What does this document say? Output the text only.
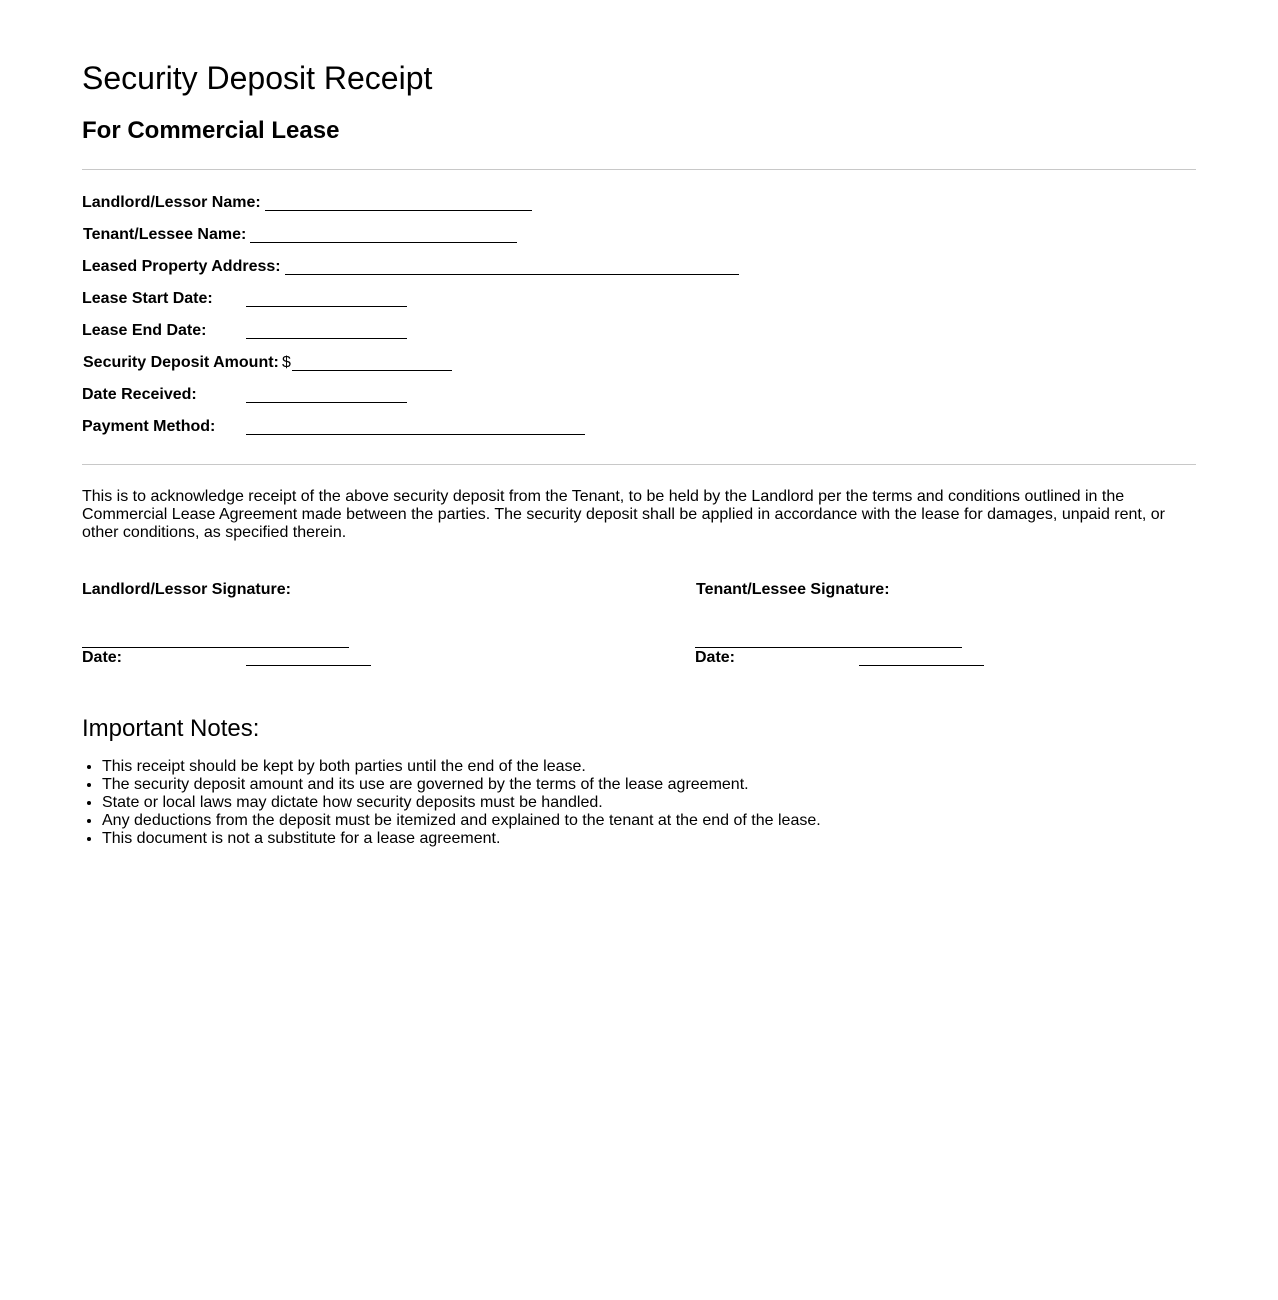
Security Deposit Receipt
For Commercial Lease
Landlord/Lessor Name:
Tenant/Lessee Name:
Leased Property Address:
Lease Start Date:
Lease End Date:
Security Deposit Amount: $
Date Received:
Payment Method:

This is to acknowledge receipt of the above security deposit from the Tenant, to be held by the Landlord per the terms and conditions outlined in the Commercial Lease Agreement made between the parties. The security deposit shall be applied in accordance with the lease for damages, unpaid rent, or other conditions, as specified therein.

Landlord/Lessor Signature:
Date:
Tenant/Lessee Signature:
Date:
Important Notes:
• This receipt should be kept by both parties until the end of the lease.
• The security deposit amount and its use are governed by the terms of the lease agreement.
• State or local laws may dictate how security deposits must be handled.
• Any deductions from the deposit must be itemized and explained to the tenant at the end of the lease.
• This document is not a substitute for a lease agreement.
